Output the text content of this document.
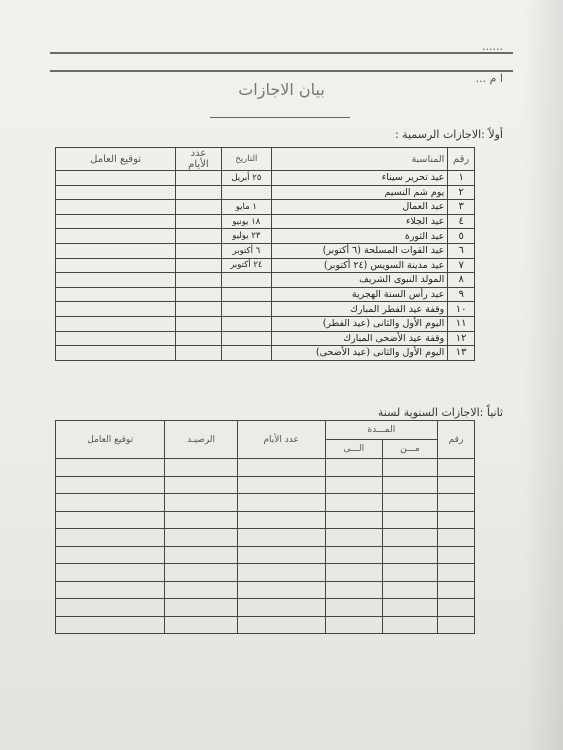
......
ا م ...
بيان الاجازات
أولاً :الاجازات الرسمية :
رقم	المناسبة	التاريخ	عدد الأيام	توقيع العامل
١	عيد تحرير سيناء	٢٥ أبريل		
٢	يوم شم النسيم			
٣	عيد العمال	١ مايو		
٤	عيد الجلاء	١٨ يونيو		
٥	عيد الثورة	٢٣ يوليو		
٦	عيد القوات المسلحة (٦ أكتوبر)	٦ أكتوبر		
٧	عيد مدينة السويس (٢٤ أكتوبر)	٢٤ أكتوبر		
٨	المولد النبوى الشريف			
٩	عيد رأس السنة الهجرية			
١٠	وقفة عيد الفطر المبارك			
١١	اليوم الأول والثانى (عيد الفطر)			
١٢	وقفة عيد الأضحى المبارك			
١٣	اليوم الأول والثانى (عيد الأضحى)			
ثانياً :الاجازات السنوية لسنة
رقم	المـــدة		عدد الأيام	الرصيـد	توقيع العامل
	مـــن	الـــى			
